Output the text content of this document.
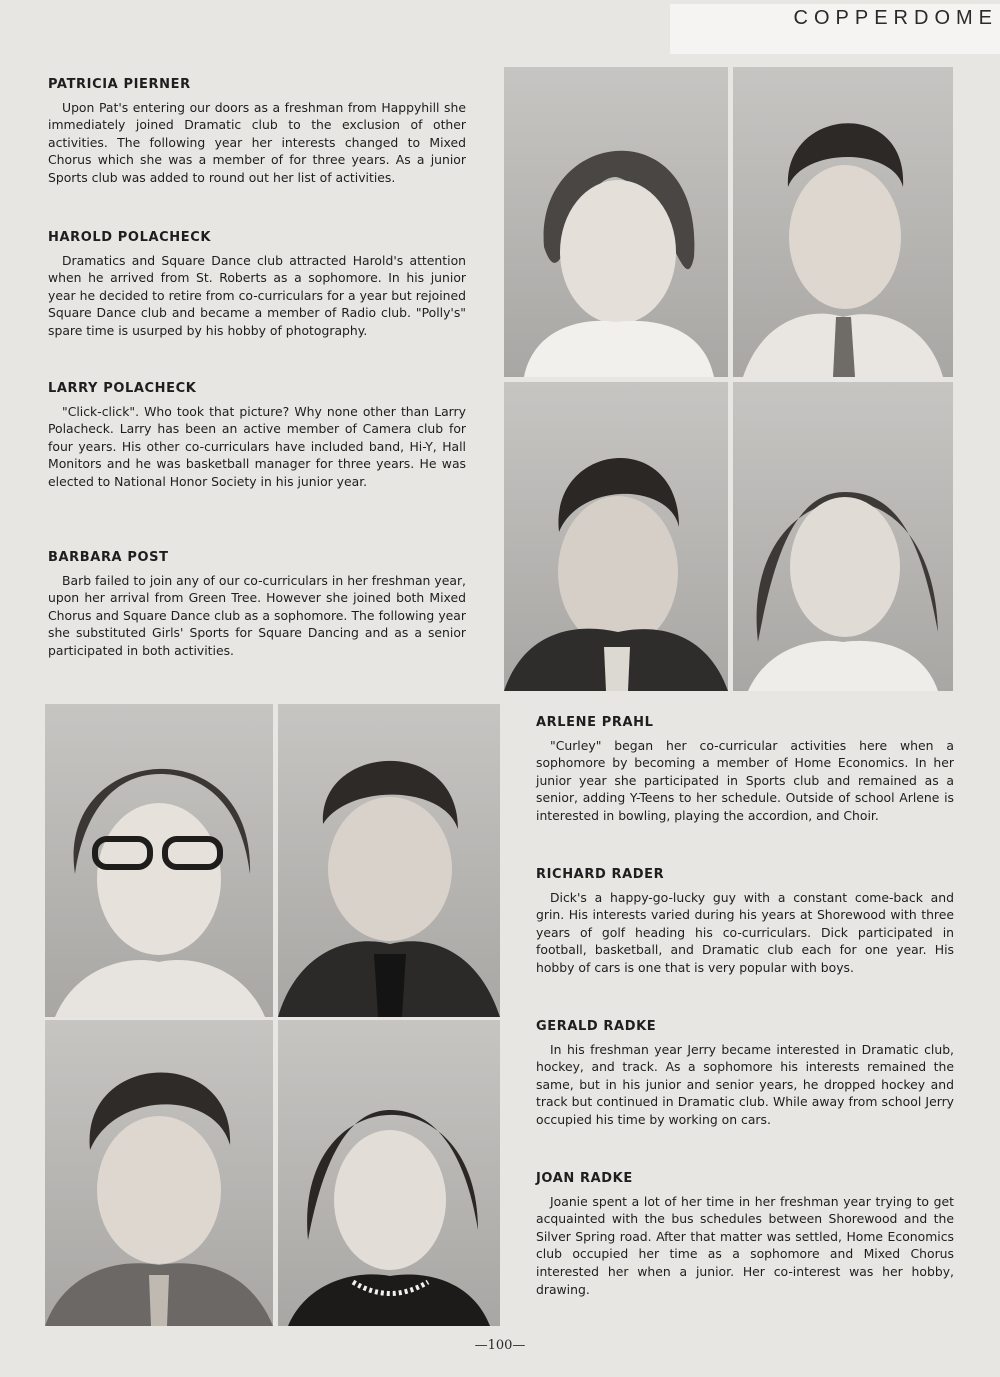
COPPERDOME
PATRICIA PIERNER

Upon Pat's entering our doors as a freshman from Happyhill she immediately joined Dramatic club to the exclusion of other activities. The following year her interests changed to Mixed Chorus which she was a member of for three years. As a junior Sports club was added to round out her list of activities.

HAROLD POLACHECK

Dramatics and Square Dance club attracted Harold's attention when he arrived from St. Roberts as a sophomore. In his junior year he decided to retire from co-curriculars for a year but rejoined Square Dance club and became a member of Radio club. "Polly's" spare time is usurped by his hobby of photography.

LARRY POLACHECK

"Click-click". Who took that picture? Why none other than Larry Polacheck. Larry has been an active member of Camera club for four years. His other co-curriculars have included band, Hi-Y, Hall Monitors and he was basketball manager for three years. He was elected to National Honor Society in his junior year.

BARBARA POST

Barb failed to join any of our co-curriculars in her freshman year, upon her arrival from Green Tree. However she joined both Mixed Chorus and Square Dance club as a sophomore. The following year she substituted Girls' Sports for Square Dancing and as a senior participated in both activities.

ARLENE PRAHL

"Curley" began her co-curricular activities here when a sophomore by becoming a member of Home Economics. In her junior year she participated in Sports club and remained as a senior, adding Y-Teens to her schedule. Outside of school Arlene is interested in bowling, playing the accordion, and Choir.

RICHARD RADER

Dick's a happy-go-lucky guy with a constant come-back and grin. His interests varied during his years at Shorewood with three years of golf heading his co-curriculars. Dick participated in football, basketball, and Dramatic club each for one year. His hobby of cars is one that is very popular with boys.

GERALD RADKE

In his freshman year Jerry became interested in Dramatic club, hockey, and track. As a sophomore his interests remained the same, but in his junior and senior years, he dropped hockey and track but continued in Dramatic club. While away from school Jerry occupied his time by working on cars.

JOAN RADKE

Joanie spent a lot of her time in her freshman year trying to get acquainted with the bus schedules between Shorewood and the Silver Spring road. After that matter was settled, Home Economics club occupied her time as a sophomore and Mixed Chorus interested her when a junior. Her co-interest was her hobby, drawing.

—100—
